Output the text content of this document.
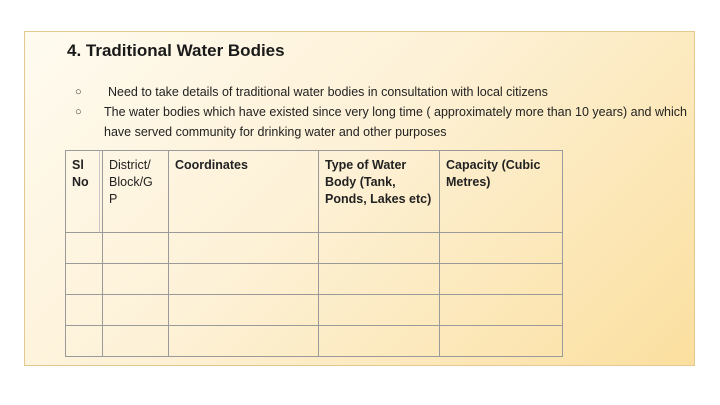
4. Traditional Water Bodies
○	Need to take details of traditional water bodies in consultation with local citizens
○	The water bodies which have existed since very long time ( approximately more than 10 years) and which have served community for drinking water and other purposes
Sl No	District/ Block/G P	Coordinates	Type of Water Body (Tank, Ponds, Lakes etc)	Capacity (Cubic Metres)
